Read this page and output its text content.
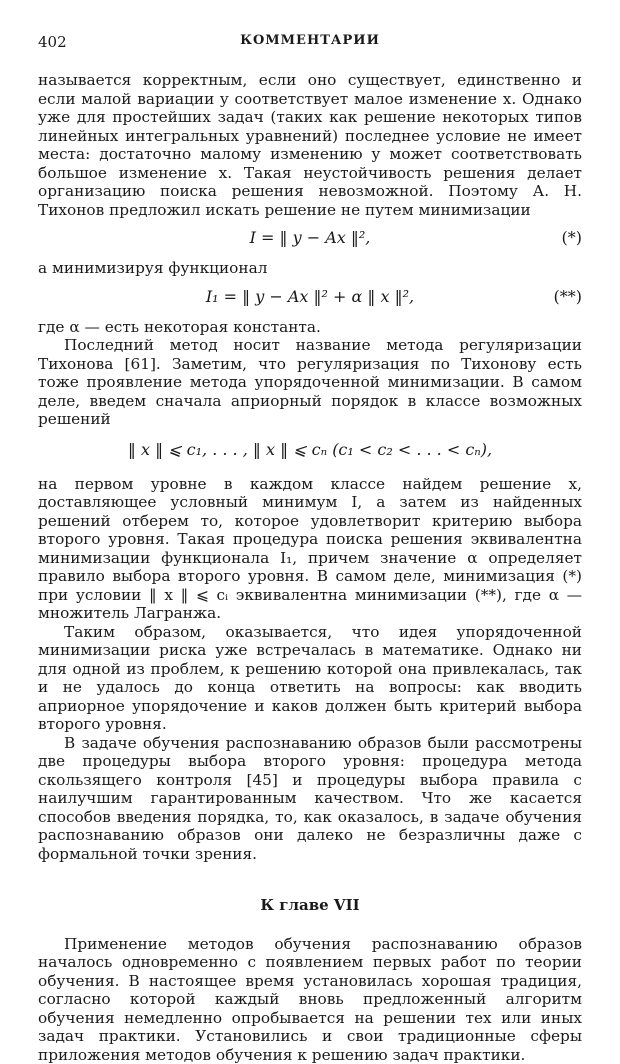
402	КОММЕНТАРИИ

называется корректным, если оно существует, единственно и если малой вариации y соответствует малое изменение x. Однако уже для простейших задач (таких как решение некоторых типов линейных интегральных уравнений) последнее условие не имеет места: достаточно малому изменению y может соответствовать большое изменение x. Такая неустойчивость решения делает организацию поиска решения невозможной. Поэтому А. Н. Тихонов предложил искать решение не путем минимизации

I = ‖ y − Ax ‖²,	(*)

а минимизируя функционал

I₁ = ‖ y − Ax ‖² + α ‖ x ‖²,	(**)

где α — есть некоторая константа.

Последний метод носит название метода регуляризации Тихонова [61]. Заметим, что регуляризация по Тихонову есть тоже проявление метода упорядоченной минимизации. В самом деле, введем сначала априорный порядок в классе возможных решений

‖ x ‖ ⩽ c₁, . . . , ‖ x ‖ ⩽ cₙ (c₁ < c₂ < . . . < cₙ),

на первом уровне в каждом классе найдем решение x, доставляющее условный минимум I, а затем из найденных решений отберем то, которое удовлетворит критерию выбора второго уровня. Такая процедура поиска решения эквивалентна минимизации функционала I₁, причем значение α определяет правило выбора второго уровня. В самом деле, минимизация (*) при условии ‖ x ‖ ⩽ cᵢ эквивалентна минимизации (**), где α — множитель Лагранжа.

Таким образом, оказывается, что идея упорядоченной минимизации риска уже встречалась в математике. Однако ни для одной из проблем, к решению которой она привлекалась, так и не удалось до конца ответить на вопросы: как вводить априорное упорядочение и каков должен быть критерий выбора второго уровня.

В задаче обучения распознаванию образов были рассмотрены две процедуры выбора второго уровня: процедура метода скользящего контроля [45] и процедуры выбора правила с наилучшим гарантированным качеством. Что же касается способов введения порядка, то, как оказалось, в задаче обучения распознаванию образов они далеко не безразличны даже с формальной точки зрения.

К главе VII

Применение методов обучения распознаванию образов началось одновременно с появлением первых работ по теории обучения. В настоящее время установилась хорошая традиция, согласно которой каждый вновь предложенный алгоритм обучения немедленно опробывается на решении тех или иных задач практики. Установились и свои традиционные сферы приложения методов обучения к решению задач практики.
